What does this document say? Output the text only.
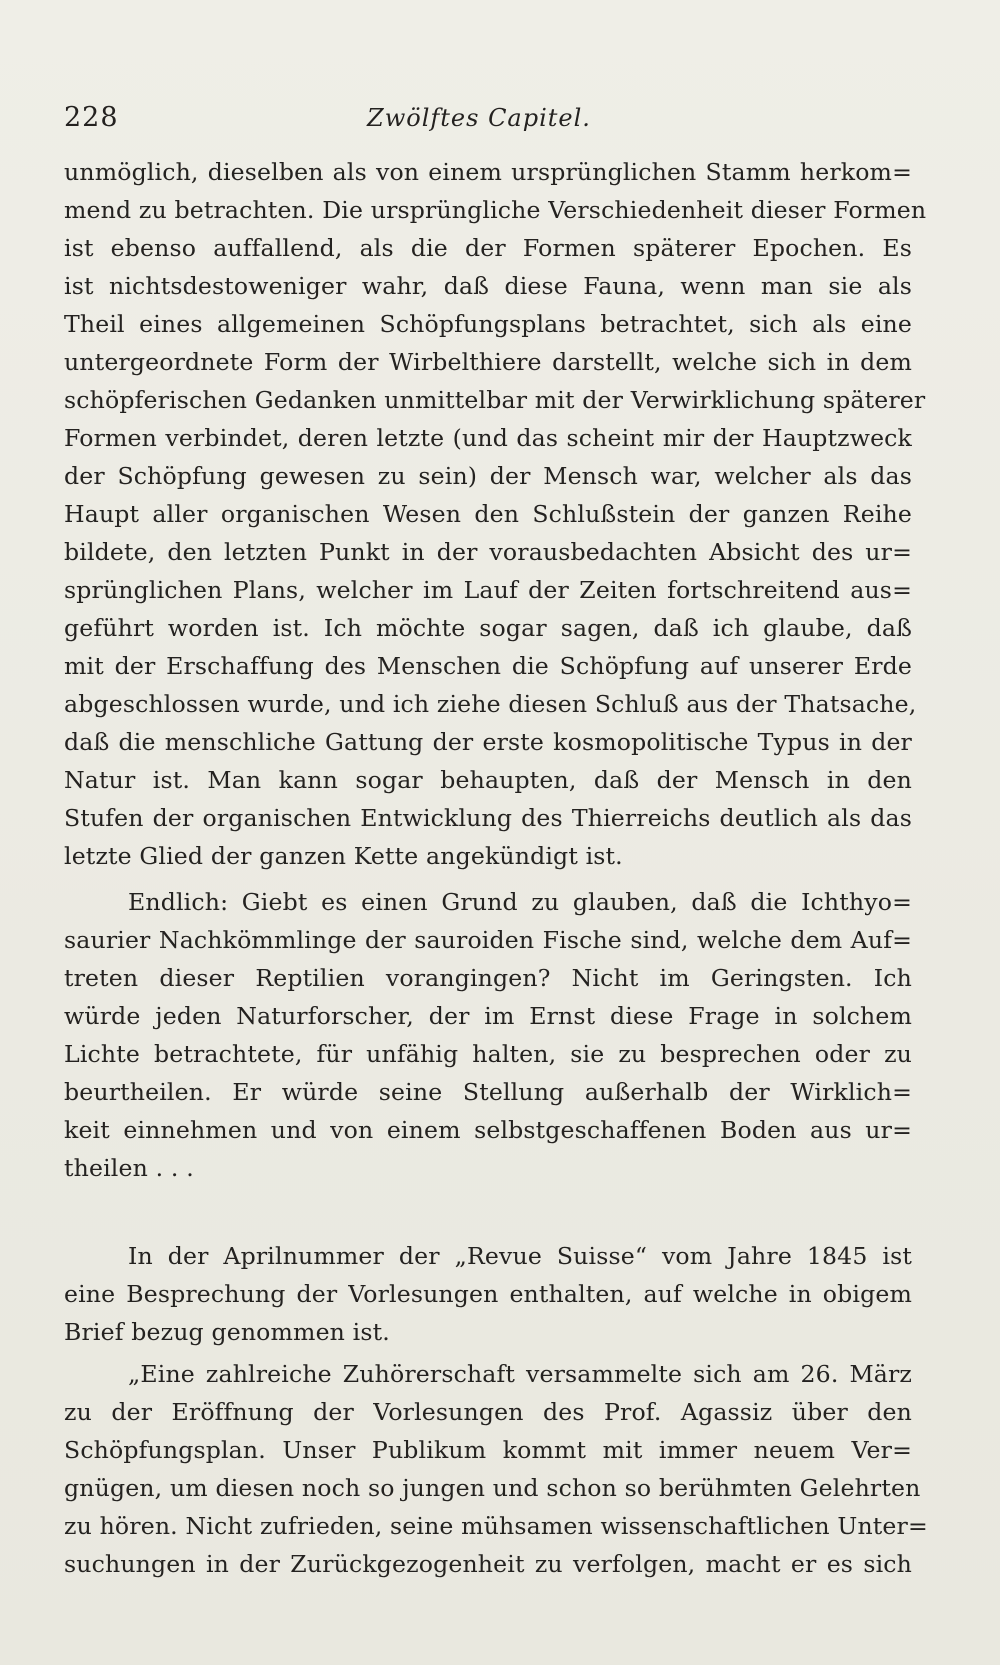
228	Zwölftes Capitel.
unmöglich, dieselben als von einem ursprünglichen Stamm herkom=
mend zu betrachten. Die ursprüngliche Verschiedenheit dieser Formen
ist ebenso auffallend, als die der Formen späterer Epochen. Es
ist nichtsdestoweniger wahr, daß diese Fauna, wenn man sie als
Theil eines allgemeinen Schöpfungsplans betrachtet, sich als eine
untergeordnete Form der Wirbelthiere darstellt, welche sich in dem
schöpferischen Gedanken unmittelbar mit der Verwirklichung späterer
Formen verbindet, deren letzte (und das scheint mir der Hauptzweck
der Schöpfung gewesen zu sein) der Mensch war, welcher als das
Haupt aller organischen Wesen den Schlußstein der ganzen Reihe
bildete, den letzten Punkt in der vorausbedachten Absicht des ur=
sprünglichen Plans, welcher im Lauf der Zeiten fortschreitend aus=
geführt worden ist. Ich möchte sogar sagen, daß ich glaube, daß
mit der Erschaffung des Menschen die Schöpfung auf unserer Erde
abgeschlossen wurde, und ich ziehe diesen Schluß aus der Thatsache,
daß die menschliche Gattung der erste kosmopolitische Typus in der
Natur ist. Man kann sogar behaupten, daß der Mensch in den
Stufen der organischen Entwicklung des Thierreichs deutlich als das
letzte Glied der ganzen Kette angekündigt ist.
Endlich: Giebt es einen Grund zu glauben, daß die Ichthyo=
saurier Nachkömmlinge der sauroiden Fische sind, welche dem Auf=
treten dieser Reptilien vorangingen? Nicht im Geringsten. Ich
würde jeden Naturforscher, der im Ernst diese Frage in solchem
Lichte betrachtete, für unfähig halten, sie zu besprechen oder zu
beurtheilen. Er würde seine Stellung außerhalb der Wirklich=
keit einnehmen und von einem selbstgeschaffenen Boden aus ur=
theilen . . .
In der Aprilnummer der „Revue Suisse“ vom Jahre 1845 ist
eine Besprechung der Vorlesungen enthalten, auf welche in obigem
Brief bezug genommen ist.
„Eine zahlreiche Zuhörerschaft versammelte sich am 26. März
zu der Eröffnung der Vorlesungen des Prof. Agassiz über den
Schöpfungsplan. Unser Publikum kommt mit immer neuem Ver=
gnügen, um diesen noch so jungen und schon so berühmten Gelehrten
zu hören. Nicht zufrieden, seine mühsamen wissenschaftlichen Unter=
suchungen in der Zurückgezogenheit zu verfolgen, macht er es sich
